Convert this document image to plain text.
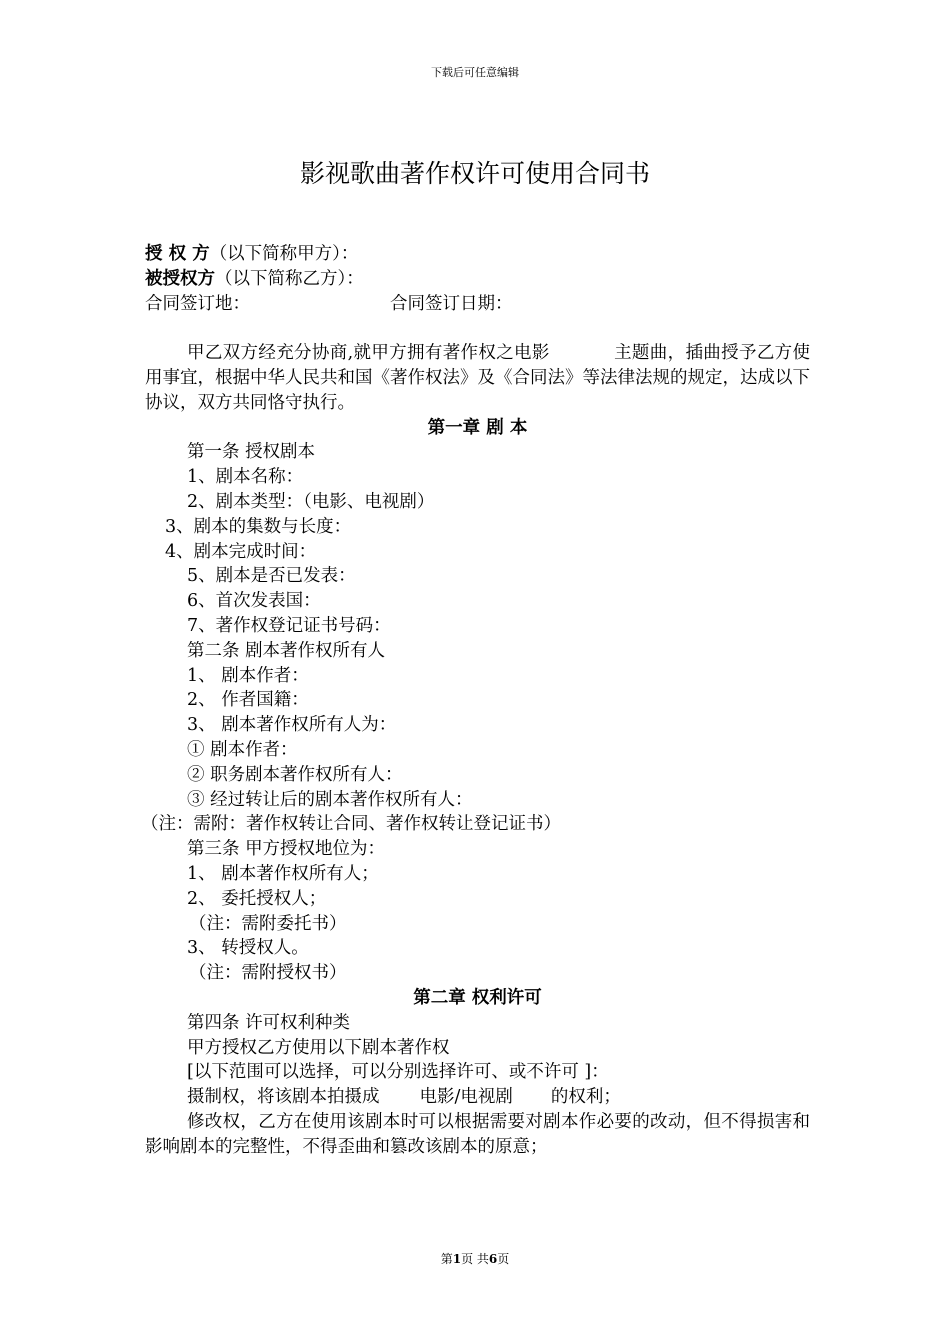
下载后可任意编辑
影视歌曲著作权许可使用合同书

授 权 方（以下简称甲方）：

被授权方（以下简称乙方）：

合同签订地：	合同签订日期：

甲乙双方经充分协商,就甲方拥有著作权之电影	主题曲，插曲授予乙方使用事宜，根据中华人民共和国《著作权法》及《合同法》等法律法规的规定，达成以下协议，双方共同恪守执行。

第一章 剧 本

第一条 授权剧本

1、剧本名称：

2、剧本类型：（电影、电视剧）

3、剧本的集数与长度：

4、剧本完成时间：

5、剧本是否已发表：

6、首次发表国：

7、著作权登记证书号码：

第二条 剧本著作权所有人

1、 剧本作者：

2、 作者国籍：

3、 剧本著作权所有人为：

① 剧本作者：

② 职务剧本著作权所有人：

③ 经过转让后的剧本著作权所有人：

（注：需附：著作权转让合同、著作权转让登记证书）

第三条 甲方授权地位为：

1、 剧本著作权所有人；

2、 委托授权人；

（注：需附委托书）

3、 转授权人。

（注：需附授权书）

第二章 权利许可

第四条 许可权利种类

甲方授权乙方使用以下剧本著作权

[以下范围可以选择，可以分别选择许可、或不许可 ]：

摄制权，将该剧本拍摄成 电影/电视剧 的权利；

修改权，乙方在使用该剧本时可以根据需要对剧本作必要的改动，但不得损害和影响剧本的完整性，不得歪曲和篡改该剧本的原意；

第1页 共6页
